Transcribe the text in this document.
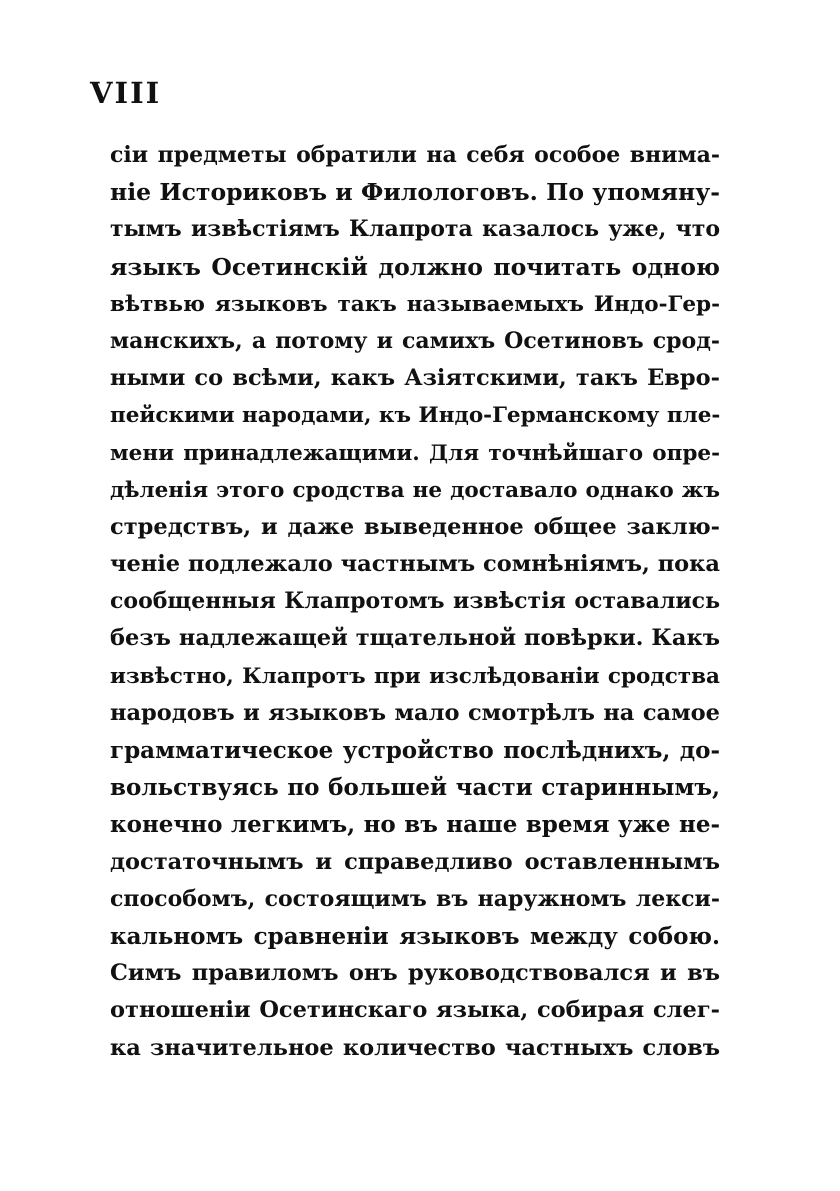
VIII
сіи предметы обратили на себя особое внима-
ніе Историковъ и Филологовъ. По упомяну-
тымъ извѣстіямъ Клапрота казалось уже, что
языкъ Осетинскій должно почитать одною
вѣтвью языковъ такъ называемыхъ Индо-Гер-
манскихъ, а потому и самихъ Осетиновъ срод-
ными со всѣми, какъ Азіятскими, такъ Евро-
пейскими народами, къ Индо-Германскому пле-
мени принадлежащими. Для точнѣйшаго опре-
дѣленія этого сродства не доставало однако жъ
стредствъ, и даже выведенное общее заклю-
ченіе подлежало частнымъ сомнѣніямъ, пока
сообщенныя Клапротомъ извѣстія оставались
безъ надлежащей тщательной повѣрки. Какъ
извѣстно, Клапротъ при изслѣдованіи сродства
народовъ и языковъ мало смотрѣлъ на самое
грамматическое устройство послѣднихъ, до-
вольствуясь по большей части стариннымъ,
конечно легкимъ, но въ наше время уже не-
достаточнымъ и справедливо оставленнымъ
способомъ, состоящимъ въ наружномъ лекси-
кальномъ сравненіи языковъ между собою.
Симъ правиломъ онъ руководствовался и въ
отношеніи Осетинскаго языка, собирая слег-
ка значительное количество частныхъ словъ
